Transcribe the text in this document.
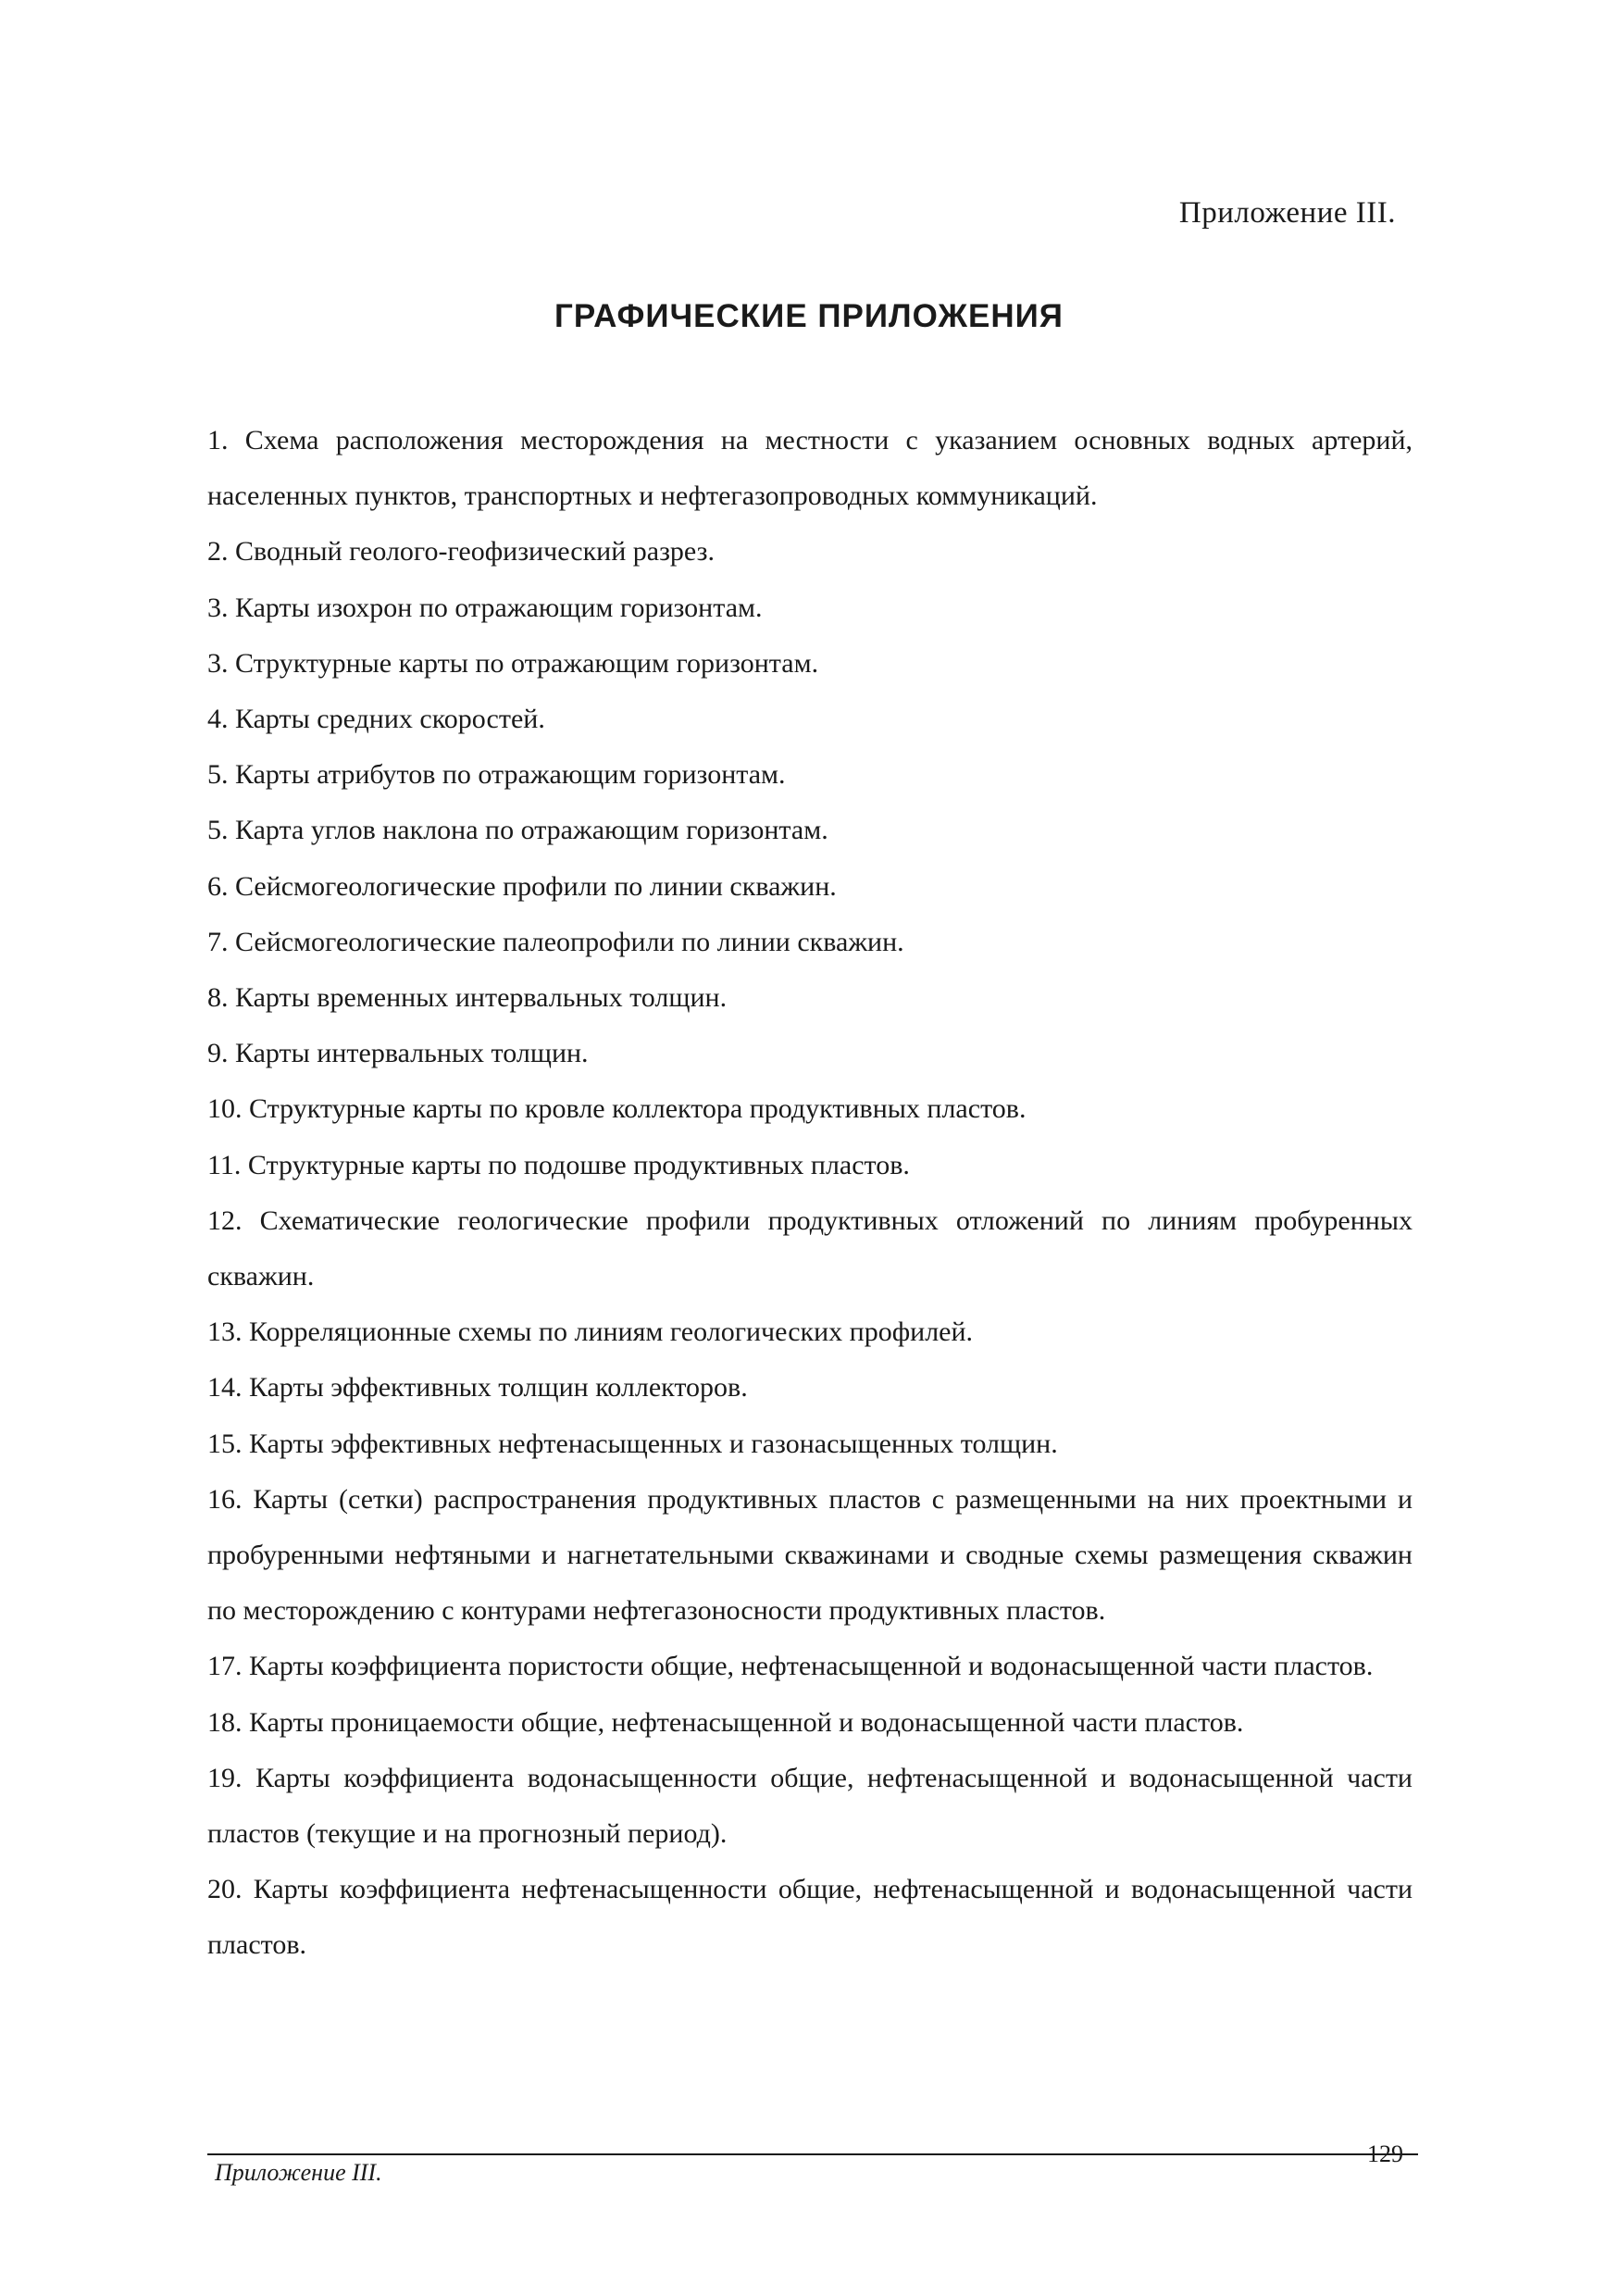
Приложение III.
ГРАФИЧЕСКИЕ ПРИЛОЖЕНИЯ

1. Схема расположения месторождения на местности с указанием основных водных артерий, населенных пунктов, транспортных и нефтегазопроводных коммуникаций.

2. Сводный геолого-геофизический разрез.

3. Карты изохрон по отражающим горизонтам.

3. Структурные карты по отражающим горизонтам.

4. Карты средних скоростей.

5. Карты атрибутов по отражающим горизонтам.

5. Карта углов наклона по отражающим горизонтам.

6. Сейсмогеологические профили по линии скважин.

7. Сейсмогеологические палеопрофили по линии скважин.

8. Карты временных интервальных толщин.

9. Карты интервальных толщин.

10. Структурные карты по кровле коллектора продуктивных пластов.

11. Структурные карты по подошве продуктивных пластов.

12. Схематические геологические профили продуктивных отложений по линиям пробуренных скважин.

13. Корреляционные схемы по линиям геологических профилей.

14. Карты эффективных толщин коллекторов.

15. Карты эффективных нефтенасыщенных и газонасыщенных толщин.

16. Карты (сетки) распространения продуктивных пластов с размещенными на них проектными и пробуренными нефтяными и нагнетательными скважинами и сводные схемы размещения скважин по месторождению с контурами нефтегазоносности продуктивных пластов.

17. Карты коэффициента пористости общие, нефтенасыщенной и водонасыщенной части пластов.

18. Карты проницаемости общие, нефтенасыщенной и водонасыщенной части пластов.

19. Карты коэффициента водонасыщенности общие, нефтенасыщенной и водонасыщенной части пластов (текущие и на прогнозный период).

20. Карты коэффициента нефтенасыщенности общие, нефтенасыщенной и водонасыщенной части пластов.

Приложение III.
129
